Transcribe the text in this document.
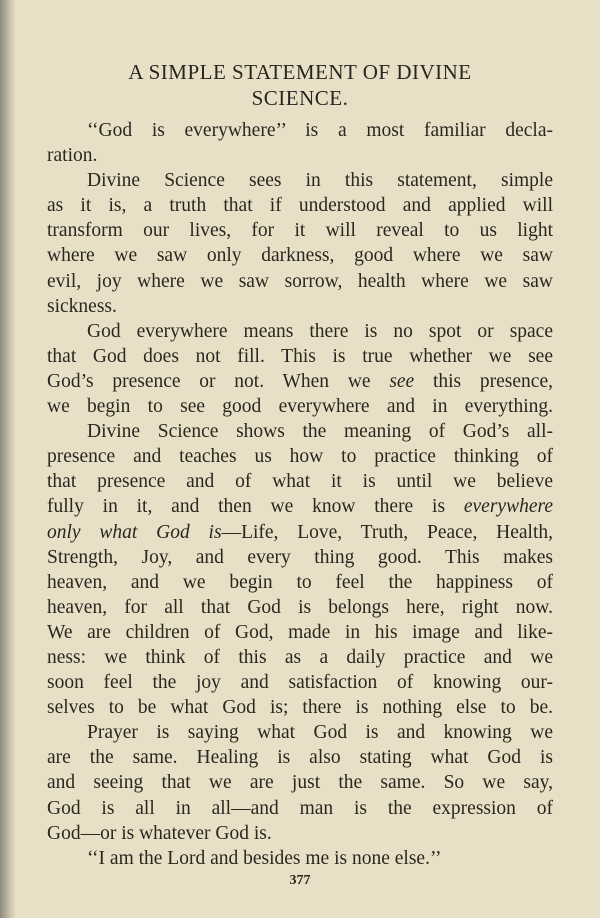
A SIMPLE STATEMENT OF DIVINE
SCIENCE.
‘‘God is everywhere’’ is a most familiar decla-
ration.
Divine Science sees in this statement, simple
as it is, a truth that if understood and applied will
transform our lives, for it will reveal to us light
where we saw only darkness, good where we saw
evil, joy where we saw sorrow, health where we saw
sickness.
God everywhere means there is no spot or space
that God does not fill. This is true whether we see
God’s presence or not. When we see this presence,
we begin to see good everywhere and in everything.
Divine Science shows the meaning of God’s all-
presence and teaches us how to practice thinking of
that presence and of what it is until we believe
fully in it, and then we know there is everywhere
only what God is—Life, Love, Truth, Peace, Health,
Strength, Joy, and every thing good. This makes
heaven, and we begin to feel the happiness of
heaven, for all that God is belongs here, right now.
We are children of God, made in his image and like-
ness: we think of this as a daily practice and we
soon feel the joy and satisfaction of knowing our-
selves to be what God is; there is nothing else to be.
Prayer is saying what God is and knowing we
are the same. Healing is also stating what God is
and seeing that we are just the same. So we say,
God is all in all—and man is the expression of
God—or is whatever God is.
‘‘I am the Lord and besides me is none else.’’
377
